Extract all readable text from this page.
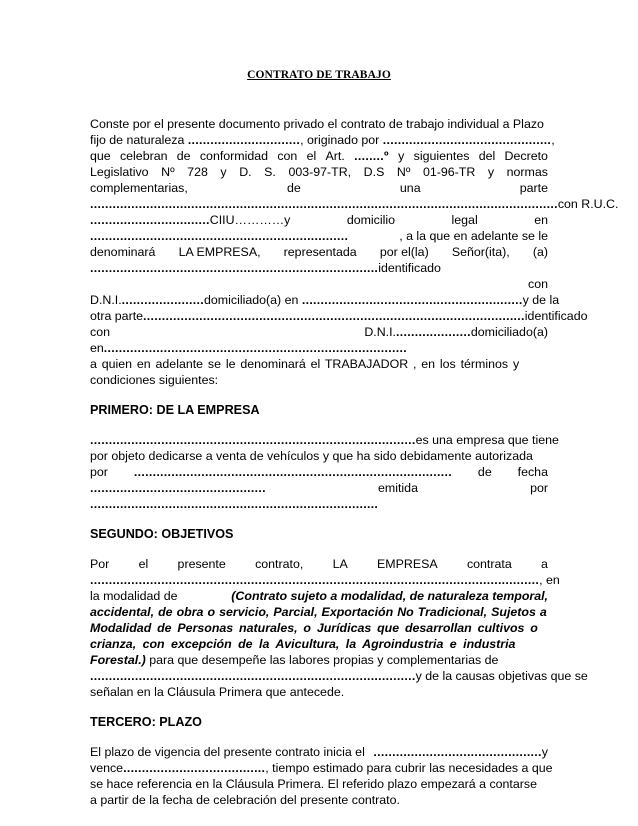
CONTRATO DE TRABAJO
Conste por el presente documento privado el contrato de trabajo individual a Plazo
fijo de naturaleza .............................., originado por .............................................,
que celebran de conformidad con el Art. ........º y siguientes del Decreto
Legislativo Nº 728 y D. S. 003-97-TR, D.S Nº 01-96-TR y normas
complementarias,	de	una	parte
............................................................................................................................. con R.U.C.
................................CIIU…………y	domicilio	legal	en
.....................................................................	, a la que en adelante se le
denominará LA EMPRESA, representada por el(la) Señor(ita), (a)
.............................................................................identificado
con
D.N.I.......................domiciliado(a) en ........................................................... y de la
otra parte...................................................................................................... identificado
con	D.N.I.....................domiciliado(a)
en.................................................................................
a quien en adelante se le denominará el TRABAJADOR , en los términos y
condiciones siguientes:
PRIMERO: DE LA EMPRESA
....................................................................................... es una empresa que tiene
por objeto dedicarse a venta de vehículos y que ha sido debidamente autorizada
por ..................................................................................... de fecha
...............................................	emitida	por
.............................................................................
SEGUNDO: OBJETIVOS
Por el presente contrato, LA EMPRESA contrata a
........................................................... ............................................................., en
la modalidad de	(Contrato sujeto a modalidad, de naturaleza temporal,
accidental, de obra o servicio, Parcial, Exportación No Tradicional, Sujetos a
Modalidad de Personas naturales, o Jurídicas que desarrollan cultivos o
crianza, con excepción de la Avicultura, la Agroindustria e industria
Forestal.) para que desempeñe las labores propias y complementarias de
....................................................................................... y de la causas objetivas que se
señalan en la Cláusula Primera que antecede.
TERCERO: PLAZO
El plazo de vigencia del presente contrato inicia el .............................................y
vence......................................, tiempo estimado para cubrir las necesidades a que
se hace referencia en la Cláusula Primera. El referido plazo empezará a contarse
a partir de la fecha de celebración del presente contrato.
